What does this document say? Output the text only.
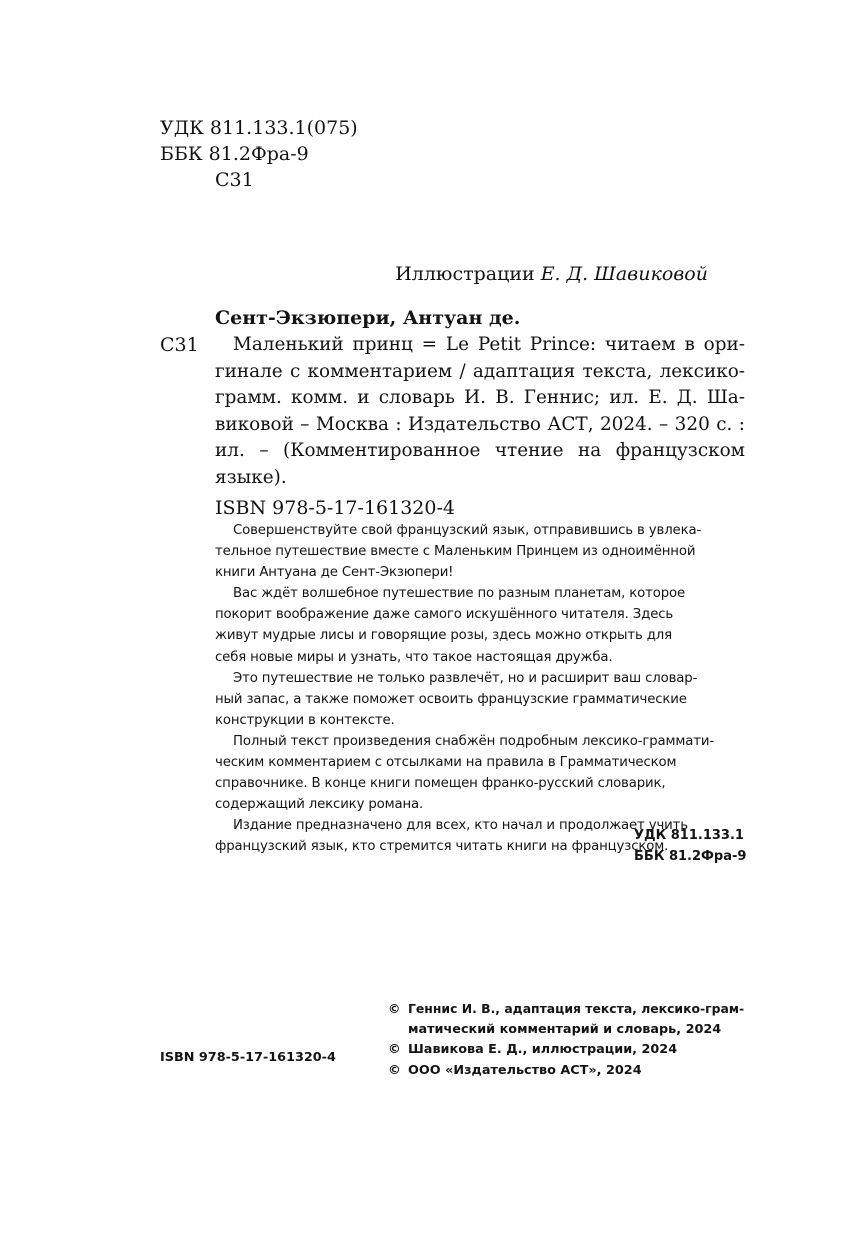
УДК 811.133.1(075)
ББК 81.2Фра-9
С31
Иллюстрации Е. Д. Шавиковой
Сент-Экзюпери, Антуан де.
С31	Маленький принц = Le Petit Prince: читаем в ори-
гинале с комментарием / адаптация текста, лексико-
грамм. комм. и словарь И. В. Геннис; ил. Е. Д. Ша-
виковой – Москва : Издательство АСТ, 2024. – 320 с. :
ил. – (Комментированное чтение на французском
языке).
ISBN 978-5-17-161320-4
Совершенствуйте свой французский язык, отправившись в увлека-
тельное путешествие вместе с Маленьким Принцем из одноимённой
книги Антуана де Сент-Экзюпери!
Вас ждёт волшебное путешествие по разным планетам, которое
покорит воображение даже самого искушённого читателя. Здесь
живут мудрые лисы и говорящие розы, здесь можно открыть для
себя новые миры и узнать, что такое настоящая дружба.
Это путешествие не только развлечёт, но и расширит ваш словар-
ный запас, а также поможет освоить французские грамматические
конструкции в контексте.
Полный текст произведения снабжён подробным лексико-граммати-
ческим комментарием с отсылками на правила в Грамматическом
справочнике. В конце книги помещен франко-русский словарик,
содержащий лексику романа.
Издание предназначено для всех, кто начал и продолжает учить
французский язык, кто стремится читать книги на французском.
УДК 811.133.1
ББК 81.2Фра-9
© Геннис И. В., адаптация текста, лексико-грам-
матический комментарий и словарь, 2024
© Шавикова Е. Д., иллюстрации, 2024
© ООО «Издательство АСТ», 2024
ISBN 978-5-17-161320-4
